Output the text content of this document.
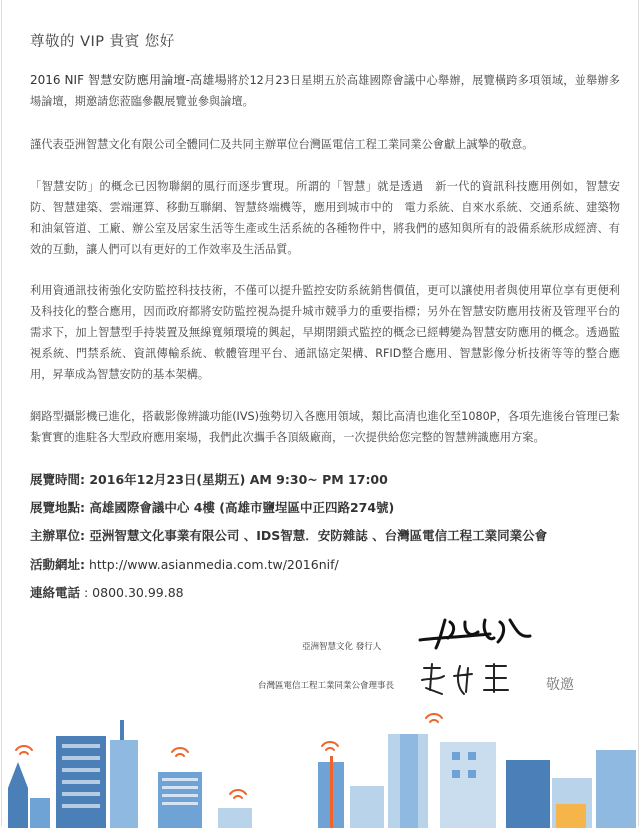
尊敬的 VIP 貴賓 您好
2016 NIF 智慧安防應用論壇-高雄場將於12月23日星期五於高雄國際會議中心舉辦，展覽橫跨多項領域，並舉辦多場論壇，期邀請您蒞臨參觀展覽並參與論壇。
謹代表亞洲智慧文化有限公司全體同仁及共同主辦單位台灣區電信工程工業同業公會獻上誠摯的敬意。
「智慧安防」的概念已因物聯網的風行而逐步實現。所謂的「智慧」就是透過　新一代的資訊科技應用例如，智慧安防、智慧建築、雲端運算、移動互聯網、智慧終端機等，應用到城市中的　電力系統、自來水系統、交通系統、建築物和油氣管道、工廠、辦公室及居家生活等生產或生活系統的各種物件中，將我們的感知與所有的設備系統形成經濟、有效的互動，讓人們可以有更好的工作效率及生活品質。
利用資通訊技術強化安防監控科技技術，不僅可以提升監控安防系統銷售價值，更可以讓使用者與使用單位享有更便利及科技化的整合應用，因而政府都將安防監控視為提升城市競爭力的重要指標；另外在智慧安防應用技術及管理平台的需求下，加上智慧型手持裝置及無線寬頻環境的興起，早期閉鎖式監控的概念已經轉變為智慧安防應用的概念。透過監視系統、門禁系統、資訊傳輸系統、軟體管理平台、通訊協定架構、RFID整合應用、智慧影像分析技術等等的整合應用，昇華成為智慧安防的基本架構。
網路型攝影機已進化，搭載影像辨識功能(IVS)強勢切入各應用領域，類比高清也進化至1080P，各項先進後台管理已紮紮實實的進駐各大型政府應用案場，我們此次攜手各頂級廠商，一次提供給您完整的智慧辨識應用方案。
展覽時間: 2016年12月23日(星期五) AM 9:30~ PM 17:00
展覽地點: 高雄國際會議中心 4樓 (高雄市鹽埕區中正四路274號)
主辦單位: 亞洲智慧文化事業有限公司 、IDS智慧．安防雜誌 、台灣區電信工程工業同業公會
活動網址: http://www.asianmedia.com.tw/2016nif/
連絡電話 : 0800.30.99.88
亞洲智慧文化 發行人
台灣區電信工程工業同業公會理事長	敬邀
